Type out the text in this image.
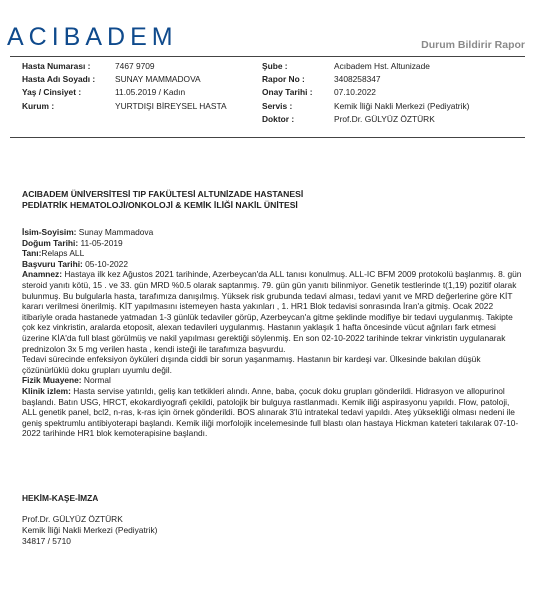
ACIBADEM	Durum Bildirir Rapor
Hasta Numarası :	7467 9709
Hasta Adı Soyadı :	SUNAY MAMMADOVA
Yaş / Cinsiyet :	11.05.2019 / Kadın
Kurum :	YURTDIŞI BİREYSEL HASTA
Şube :	Acıbadem Hst. Altunizade
Rapor No :	3408258347
Onay Tarihi :	07.10.2022
Servis :	Kemik İliği Nakli Merkezi (Pediyatrik)
Doktor :	Prof.Dr. GÜLYÜZ ÖZTÜRK
ACIBADEM ÜNİVERSİTESİ TIP FAKÜLTESİ ALTUNİZADE HASTANESİ
PEDİATRİK HEMATOLOJİ/ONKOLOJİ & KEMİK İLİĞİ NAKİL ÜNİTESİ
İsim-Soyisim: Sunay Mammadova
Doğum Tarihi: 11-05-2019
Tanı:Relaps ALL
Başvuru Tarihi: 05-10-2022

Anamnez: Hastaya ilk kez Ağustos 2021 tarihinde, Azerbeycan'da ALL tanısı konulmuş. ALL-IC BFM 2009 protokolü başlanmış. 8. gün steroid yanıtı kötü, 15 . ve 33. gün MRD %0.5 olarak saptanmış. 79. gün gün yanıtı bilinmiyor. Genetik testlerinde t(1,19) pozitif olarak bulunmuş. Bu bulgularla hasta, tarafımıza danışılmış. Yüksek risk grubunda tedavi alması, tedavi yanıt ve MRD değerlerine göre KİT kararı verilmesi önerilmiş. KİT yapılmasını istemeyen hasta yakınları , 1. HR1 Blok tedavisi sonrasında İran'a gitmiş. Ocak 2022 itibariyle orada hastanede yatmadan 1-3 günlük tedaviler görüp, Azerbeycan'a gitme şeklinde modifiye bir tedavi uygulanmış. Takipte çok kez vinkristin, aralarda etoposit, alexan tedavileri uygulanmış. Hastanın yaklaşık 1 hafta öncesinde vücut ağrıları fark etmesi üzerine KİA'da full blast görülmüş ve nakil yapılması gerektiği söylenmiş. En son 02-10-2022 tarihinde tekrar vinkristin uygulanarak prednizolon 3x 5 mg verilen hasta , kendi isteği ile tarafımıza başvurdu.

Tedavi sürecinde enfeksiyon öyküleri dışında ciddi bir sorun yaşanmamış. Hastanın bir kardeşi var. Ülkesinde bakılan düşük çözünürlüklü doku grupları uyumlu değil.

Fizik Muayene: Normal

Klinik izlem: Hasta servise yatırıldı, geliş kan tetkikleri alındı. Anne, baba, çocuk doku grupları gönderildi. Hidrasyon ve allopurinol başlandı. Batın USG, HRCT, ekokardiyografi çekildi, patolojik bir bulguya rastlanmadı. Kemik iliği aspirasyonu yapıldı. Flow, patoloji, ALL genetik panel, bcl2, n-ras, k-ras için örnek gönderildi. BOS alınarak 3'lü intratekal tedavi yapıldı. Ateş yüksekliği olması nedeni ile geniş spektrumlu antibiyoterapi başlandı. Kemik iliği morfolojik incelemesinde full blastı olan hastaya Hickman kateteri takılarak 07-10-2022 tarihinde HR1 blok kemoterapisine başlandı.

HEKİM-KAŞE-İMZA
Prof.Dr. GÜLYÜZ ÖZTÜRK
Kemik İliği Nakli Merkezi (Pediyatrik)
34817 / 5710
